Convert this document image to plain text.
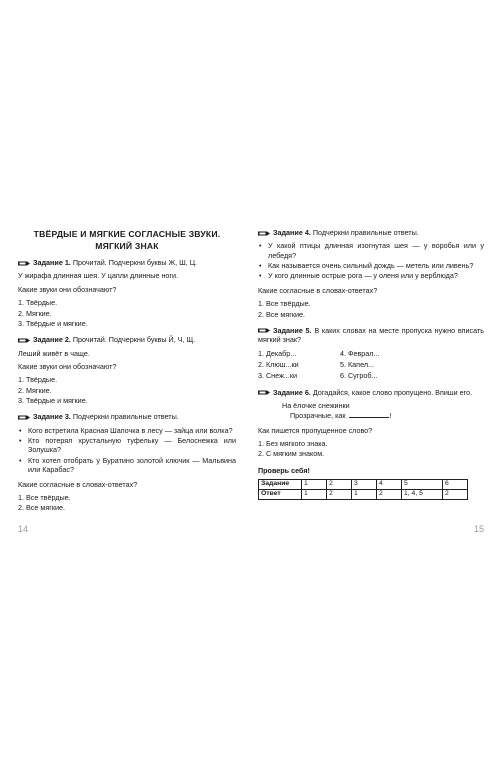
ТВЁРДЫЕ И МЯГКИЕ СОГЛАСНЫЕ ЗВУКИ.
МЯГКИЙ ЗНАК
Задание 1. Прочитай. Подчеркни буквы Ж, Ш, Ц.

У жирафа длинная шея. У цапли длинные ноги.

Какие звуки они обозначают?

1. Твёрдые.
2. Мягкие.
3. Твёрдые и мягкие.
Задание 2. Прочитай. Подчеркни буквы Й, Ч, Щ.

Леший живёт в чаще.

Какие звуки они обозначают?

1. Твёрдые.
2. Мягкие.
3. Твёрдые и мягкие.
Задание 3. Подчеркни правильные ответы.
• Кого встретила Красная Шапочка в лесу — зайца или волка?
• Кто потерял хрустальную туфельку — Белоснежка или Золушка?
• Кто хотел отобрать у Буратино золотой ключик — Мальвина или Карабас?

Какие согласные в словах-ответах?

1. Все твёрдые.
2. Все мягкие.
14
Задание 4. Подчеркни правильные ответы.
• У какой птицы длинная изогнутая шея — у воробья или у лебедя?
• Как называется очень сильный дождь — метель или ливень?
• У кого длинные острые рога — у оленя или у верблюда?

Какие согласные в словах-ответах?

1. Все твёрдые.
2. Все мягкие.
Задание 5. В каких словах на месте пропуска нужно вписать мягкий знак?
1. Декабр...	4. Феврал...
2. Клюш...ки	5. Капел...
3. Снеж...ки	6. Сугроб...
Задание 6. Догадайся, какое слово пропущено. Впиши его.
На ёлочке снежинки
Прозрачные, как	!

Как пишется пропущенное слово?

1. Без мягкого знака.
2. С мягким знаком.
Проверь себя!
Задание	1	2	3	4	5	6
Ответ	1	2	1	2	1, 4, 5	2
15
